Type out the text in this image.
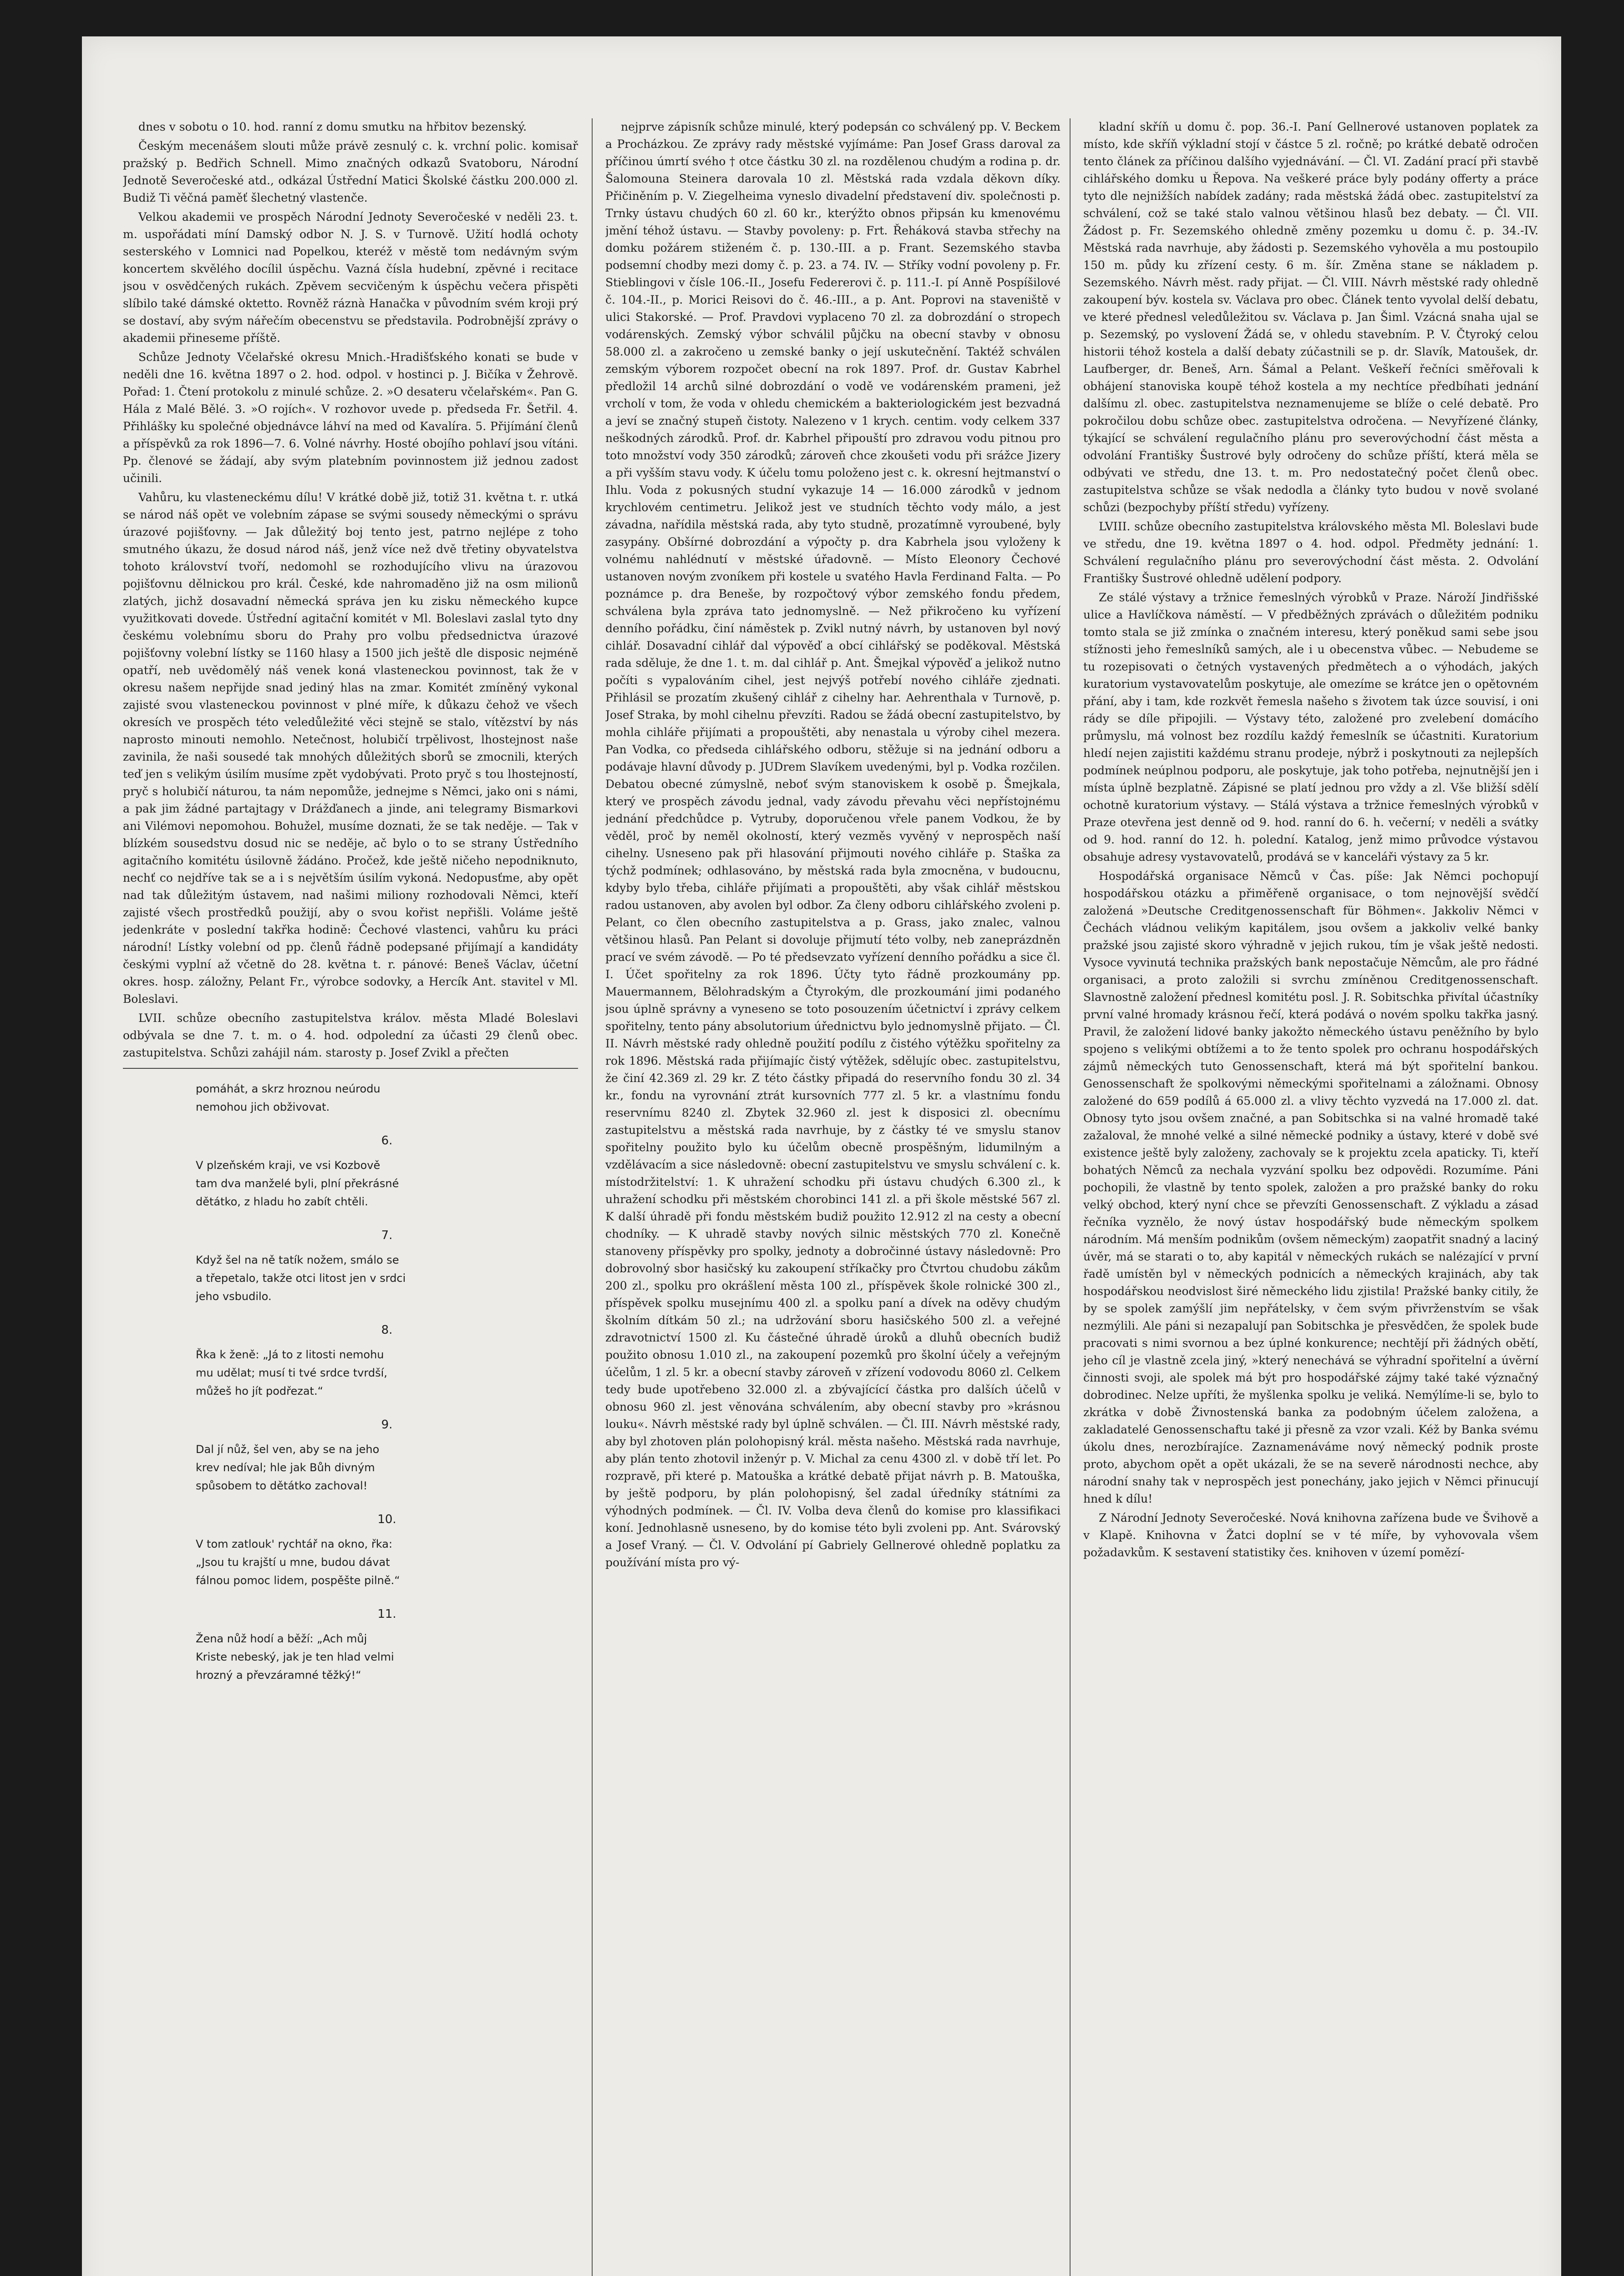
dnes v sobotu o 10. hod. ranní z domu smutku na hřbitov bezenský.

Českým mecenášem slouti může právě zesnulý c. k. vrchní polic. komisař pražský p. Bedřich Schnell. Mimo značných odkazů Svatoboru, Národní Jednotě Severočeské atd., odkázal Ústřední Matici Školské částku 200.000 zl. Budiž Ti věčná paměť šlechetný vlastenče.

Velkou akademii ve prospěch Národní Jednoty Severočeské v neděli 23. t. m. uspořádati míní Damský odbor N. J. S. v Turnově. Užití hodlá ochoty sesterského v Lomnici nad Popelkou, kteréž v městě tom nedávným svým koncertem skvělého docílil úspěchu. Vazná čísla hudební, zpěvné i recitace jsou v osvědčených rukách. Zpěvem secvičeným k úspěchu večera přispěti slíbilo také dámské oktetto. Rovněž ráznà Hanačka v původním svém kroji prý se dostaví, aby svým nářečím obecenstvu se představila. Podrobnější zprávy o akademii přineseme příště.

Schůze Jednoty Včelařské okresu Mnich.-Hradišťského konati se bude v neděli dne 16. května 1897 o 2. hod. odpol. v hostinci p. J. Bičíka v Žehrově. Pořad: 1. Čtení protokolu z minulé schůze. 2. »O desateru včelařském«. Pan G. Hála z Malé Bělé. 3. »O rojích«. V rozhovor uvede p. předseda Fr. Šetřil. 4. Přihlášky ku společné objednávce láhví na med od Kavalíra. 5. Přijímání členů a příspěvků za rok 1896—7. 6. Volné návrhy. Hosté obojího pohlaví jsou vítáni. Pp. členové se žádají, aby svým platebním povinnostem již jednou zadost učinili.

Vahůru, ku vlasteneckému dílu! V krátké době již, totiž 31. května t. r. utká se národ náš opět ve volebním zápase se svými sousedy německými o správu úrazové pojišťovny. — Jak důležitý boj tento jest, patrno nejlépe z toho smutného úkazu, že dosud národ náš, jenž více než dvě třetiny obyvatelstva tohoto království tvoří, nedomohl se rozhodujícího vlivu na úrazovou pojišťovnu dělnickou pro král. České, kde nahromaděno již na osm milionů zlatých, jichž dosavadní německá správa jen ku zisku německého kupce využitkovati dovede. Ústřední agitační komitét v Ml. Boleslavi zaslal tyto dny českému volebnímu sboru do Prahy pro volbu předsednictva úrazové pojišťovny volební lístky se 1160 hlasy a 1500 jich ještě dle disposic nejméně opatří, neb uvědomělý náš venek koná vlasteneckou povinnost, tak že v okresu našem nepřijde snad jediný hlas na zmar. Komitét zmíněný vykonal zajisté svou vlasteneckou povinnost v plné míře, k důkazu čehož ve všech okresích ve prospěch této veledůležité věci stejně se stalo, vítězství by nás naprosto minouti nemohlo. Netečnost, holubičí trpělivost, lhostejnost naše zavinila, že naši sousedé tak mnohých důležitých sborů se zmocnili, kterých teď jen s velikým úsilím musíme zpět vydobývati. Proto pryč s tou lhostejností, pryč s holubičí náturou, ta nám nepomůže, jednejme s Němci, jako oni s námi, a pak jim žádné partajtagy v Drážďanech a jinde, ani telegramy Bismarkovi ani Vilémovi nepomohou. Bohužel, musíme doznati, že se tak neděje. — Tak v blízkém sousedstvu dosud nic se neděje, ač bylo o to se strany Ústředního agitačního komitétu úsilovně žádáno. Pročež, kde ještě ničeho nepodniknuto, nechť co nejdříve tak se a i s největším úsilím vykoná. Nedopusťme, aby opět nad tak důležitým ústavem, nad našimi miliony rozhodovali Němci, kteří zajisté všech prostředků použijí, aby o svou kořist nepřišli. Voláme ještě jedenkráte v poslední takřka hodině: Čechové vlastenci, vahůru ku práci národní! Lístky volební od pp. členů řádně podepsané přijímají a kandidáty českými vyplní až včetně do 28. května t. r. pánové: Beneš Václav, účetní okres. hosp. záložny, Pelant Fr., výrobce sodovky, a Hercík Ant. stavitel v Ml. Boleslavi.

LVII. schůze obecního zastupitelstva králov. města Mladé Boleslavi odbývala se dne 7. t. m. o 4. hod. odpolední za účasti 29 členů obec. zastupitelstva. Schůzi zahájil nám. starosty p. Josef Zvikl a přečten

pomáhát, a skrz hroznou neúrodu
nemohou jich obživovat.
6.
V plzeňském kraji, ve vsi Kozbově
tam dva manželé byli, plní překrásné
dětátko, z hladu ho zabít chtěli.
7.
Když šel na ně tatík nožem, smálo se
a třepetalo, takže otci litost jen v srdci
jeho vsbudilo.
8.
Řka k ženě: „Já to z litosti nemohu
mu udělat; musí ti tvé srdce tvrdší,
můžeš ho jít podřezat.“
9.
Dal jí nůž, šel ven, aby se na jeho
krev nedíval; hle jak Bůh divným
spůsobem to dětátko zachoval!
10.
V tom zatlouk' rychtář na okno, řka:
„Jsou tu krajští u mne, budou dávat
fálnou pomoc lidem, pospěšte pilně.“
11.
Žena nůž hodí a běží: „Ach můj
Kriste nebeský, jak je ten hlad velmi
hrozný a převzáramné těžký!“

nejprve zápisník schůze minulé, který podepsán co schválený pp. V. Beckem a Procházkou. Ze zprávy rady městské vyjímáme: Pan Josef Grass daroval za příčinou úmrtí svého † otce částku 30 zl. na rozdělenou chudým a rodina p. dr. Šalomouna Steinera darovala 10 zl. Městská rada vzdala děkovn díky. Přičiněním p. V. Ziegelheima vyneslo divadelní představení div. společnosti p. Trnky ústavu chudých 60 zl. 60 kr., kterýžto obnos připsán ku kmenovému jmění téhož ústavu. — Stavby povoleny: p. Frt. Řeháková stavba střechy na domku požárem stiženém č. p. 130.-III. a p. Frant. Sezemského stavba podsemní chodby mezi domy č. p. 23. a 74. IV. — Stříky vodní povoleny p. Fr. Stieblingovi v čísle 106.-II., Josefu Federerovi č. p. 111.-I. pí Anně Pospíšilové č. 104.-II., p. Morici Reisovi do č. 46.-III., a p. Ant. Poprovi na staveniště v ulici Stakorské. — Prof. Pravdovi vyplaceno 70 zl. za dobrozdání o stropech vodárenských. Zemský výbor schválil půjčku na obecní stavby v obnosu 58.000 zl. a zakročeno u zemské banky o její uskutečnění. Taktéž schválen zemským výborem rozpočet obecní na rok 1897. Prof. dr. Gustav Kabrhel předložil 14 archů silné dobrozdání o vodě ve vodárenském prameni, jež vrcholí v tom, že voda v ohledu chemickém a bakteriologickém jest bezvadná a jeví se značný stupeň čistoty. Nalezeno v 1 krych. centim. vody celkem 337 neškodných zárodků. Prof. dr. Kabrhel připouští pro zdravou vodu pitnou pro toto množství vody 350 zárodků; zároveň chce zkoušeti vodu při srážce Jizery a při vyšším stavu vody. K účelu tomu položeno jest c. k. okresní hejtmanství o Ihlu. Voda z pokusných studní vykazuje 14 — 16.000 zárodků v jednom krychlovém centimetru. Jelikož jest ve studních těchto vody málo, a jest závadna, nařídila městská rada, aby tyto studně, prozatímně vyroubené, byly zasypány. Obšírné dobrozdání a výpočty p. dra Kabrhela jsou vyloženy k volnému nahlédnutí v městské úřadovně. — Místo Eleonory Čechové ustanoven novým zvoníkem při kostele u svatého Havla Ferdinand Falta. — Po poznámce p. dra Beneše, by rozpočtový výbor zemského fondu předem, schválena byla zpráva tato jednomyslně. — Než přikročeno ku vyřízení denního pořádku, činí náměstek p. Zvikl nutný návrh, by ustanoven byl nový cihlář. Dosavadní cihlář dal výpověď a obcí cihlářský se poděkoval. Městská rada sděluje, že dne 1. t. m. dal cihlář p. Ant. Šmejkal výpověď a jelikož nutno počíti s vypalováním cihel, jest nejvýš potřebí nového cihláře zjednati. Přihlásil se prozatím zkušený cihlář z cihelny har. Aehrenthala v Turnově, p. Josef Straka, by mohl cihelnu převzíti. Radou se žádá obecní zastupitelstvo, by mohla cihláře přijímati a propouštěti, aby nenastala u výroby cihel mezera. Pan Vodka, co předseda cihlářského odboru, stěžuje si na jednání odboru a podávaje hlavní důvody p. JUDrem Slavíkem uvedenými, byl p. Vodka rozčilen. Debatou obecné zúmyslně, neboť svým stanoviskem k osobě p. Šmejkala, který ve prospěch závodu jednal, vady závodu převahu věci nepřístojnému jednání předchůdce p. Vytruby, doporučenou vřele panem Vodkou, že by věděl, proč by neměl okolností, který vezměs vyvěný v neprospěch naší cihelny. Usneseno pak při hlasování přijmouti nového cihláře p. Staška za týchž podmínek; odhlasováno, by městská rada byla zmocněna, v budoucnu, kdyby bylo třeba, cihláře přijímati a propouštěti, aby však cihlář městskou radou ustanoven, aby avolen byl odbor. Za členy odboru cihlářského zvoleni p. Pelant, co člen obecního zastupitelstva a p. Grass, jako znalec, valnou většinou hlasů. Pan Pelant si dovoluje přijmutí této volby, neb zaneprázdněn prací ve svém závodě. — Po té předsevzato vyřízení denního pořádku a sice čl. I. Účet spořitelny za rok 1896. Účty tyto řádně prozkoumány pp. Mauermannem, Bělohradským a Čtyrokým, dle prozkoumání jimi podaného jsou úplně správny a vyneseno se toto posouzením účetnictví i zprávy celkem spořitelny, tento pány absolutorium úřednictvu bylo jednomyslně přijato. — Čl. II. Návrh městské rady ohledně použití podílu z čistého výtěžku spořitelny za rok 1896. Městská rada přijímajíc čistý výtěžek, sdělujíc obec. zastupitelstvu, že činí 42.369 zl. 29 kr. Z této částky připadá do reservního fondu 30 zl. 34 kr., fondu na vyrovnání ztrát kursovních 777 zl. 5 kr. a vlastnímu fondu reservnímu 8240 zl. Zbytek 32.960 zl. jest k disposici zl. obecnímu zastupitelstvu a městská rada navrhuje, by z částky té ve smyslu stanov spořitelny použito bylo ku účelům obecně prospěšným, lidumilným a vzdělávacím a sice následovně: obecní zastupitelstvu ve smyslu schválení c. k. místodržitelství: 1. K uhražení schodku při ústavu chudých 6.300 zl., k uhražení schodku při městském chorobinci 141 zl. a při škole městské 567 zl. K další úhradě při fondu městském budiž použito 12.912 zl na cesty a obecní chodníky. — K uhradě stavby nových silnic městských 770 zl. Konečně stanoveny příspěvky pro spolky, jednoty a dobročinné ústavy následovně: Pro dobrovolný sbor hasičský ku zakoupení stříkačky pro Čtvrtou chudobu zákům 200 zl., spolku pro okrášlení města 100 zl., příspěvek škole rolnické 300 zl., příspěvek spolku musejnímu 400 zl. a spolku paní a dívek na oděvy chudým školním dítkám 50 zl.; na udržování sboru hasičského 500 zl. a veřejné zdravotnictví 1500 zl. Ku částečné úhradě úroků a dluhů obecních budiž použito obnosu 1.010 zl., na zakoupení pozemků pro školní účely a veřejným účelům, 1 zl. 5 kr. a obecní stavby zároveň v zřízení vodovodu 8060 zl. Celkem tedy bude upotřebeno 32.000 zl. a zbývajícící částka pro dalších účelů v obnosu 960 zl. jest věnována schválením, aby obecní stavby pro »krásnou louku«. Návrh městské rady byl úplně schválen. — Čl. III. Návrh městské rady, aby byl zhotoven plán polohopisný král. města našeho. Městská rada navrhuje, aby plán tento zhotovil inženýr p. V. Michal za cenu 4300 zl. v době tří let. Po rozpravě, při které p. Matouška a krátké debatě přijat návrh p. B. Matouška, by ještě podporu, by plán polohopisný, šel zadal úředníky státními za výhodných podmínek. — Čl. IV. Volba deva členů do komise pro klassifikaci koní. Jednohlasně usneseno, by do komise této byli zvoleni pp. Ant. Svárovský a Josef Vraný. — Čl. V. Odvolání pí Gabriely Gellnerové ohledně poplatku za používání místa pro vý-

kladní skříň u domu č. pop. 36.-I. Paní Gellnerové ustanoven poplatek za místo, kde skříň výkladní stojí v částce 5 zl. ročně; po krátké debatě odročen tento článek za příčinou dalšího vyjednávání. — Čl. VI. Zadání prací při stavbě cihlářského domku u Řepova. Na veškeré práce byly podány offerty a práce tyto dle nejnižších nabídek zadány; rada městská žádá obec. zastupitelství za schválení, což se také stalo valnou většinou hlasů bez debaty. — Čl. VII. Žádost p. Fr. Sezemského ohledně změny pozemku u domu č. p. 34.-IV. Městská rada navrhuje, aby žádosti p. Sezemského vyhověla a mu postoupilo 150 m. půdy ku zřízení cesty. 6 m. šír. Změna stane se nákladem p. Sezemského. Návrh měst. rady přijat. — Čl. VIII. Návrh městské rady ohledně zakoupení býv. kostela sv. Václava pro obec. Článek tento vyvolal delší debatu, ve které přednesl veledůležitou sv. Václava p. Jan Šiml. Vzácná snaha ujal se p. Sezemský, po vyslovení Žádá se, v ohledu stavebním. P. V. Čtyroký celou historii téhož kostela a další debaty zúčastnili se p. dr. Slavík, Matoušek, dr. Laufberger, dr. Beneš, Arn. Šámal a Pelant. Veškeří řečníci směřovali k obhájení stanoviska koupě téhož kostela a my nechtíce předbíhati jednání dalšímu zl. obec. zastupitelstva neznamenujeme se blíže o celé debatě. Pro pokročilou dobu schůze obec. zastupitelstva odročena. — Nevyřízené články, týkající se schválení regulačního plánu pro severovýchodní část města a odvolání Františky Šustrové byly odročeny do schůze příští, která měla se odbývati ve středu, dne 13. t. m. Pro nedostatečný počet členů obec. zastupitelstva schůze se však nedodla a články tyto budou v nově svolané schůzi (bezpochyby příští středu) vyřízeny.

LVIII. schůze obecního zastupitelstva královského města Ml. Boleslavi bude ve středu, dne 19. května 1897 o 4. hod. odpol. Předměty jednání: 1. Schválení regulačního plánu pro severovýchodní část města. 2. Odvolání Františky Šustrové ohledně udělení podpory.

Ze stálé výstavy a tržnice řemeslných výrobků v Praze. Nároží Jindřišské ulice a Havlíčkova náměstí. — V předběžných zprávách o důležitém podniku tomto stala se již zmínka o značném interesu, který poněkud sami sebe jsou stížnosti jeho řemeslníků samých, ale i u obecenstva vůbec. — Nebudeme se tu rozepisovati o četných vystavených předmětech a o výhodách, jakých kuratorium vystavovatelům poskytuje, ale omezíme se krátce jen o opětovném přání, aby i tam, kde rozkvět řemesla našeho s životem tak úzce souvisí, i oni rády se díle připojili. — Výstavy této, založené pro zvelebení domácího průmyslu, má volnost bez rozdílu každý řemeslník se účastniti. Kuratorium hledí nejen zajistiti každému stranu prodeje, nýbrž i poskytnouti za nejlepších podmínek neúplnou podporu, ale poskytuje, jak toho potřeba, nejnutnější jen i místa úplně bezplatně. Zápisné se platí jednou pro vždy a zl. Vše bližší sdělí ochotně kuratorium výstavy. — Stálá výstava a tržnice řemeslných výrobků v Praze otevřena jest denně od 9. hod. ranní do 6. h. večerní; v neděli a svátky od 9. hod. ranní do 12. h. polední. Katalog, jenž mimo průvodce výstavou obsahuje adresy vystavovatelů, prodává se v kanceláři výstavy za 5 kr.

Hospodářská organisace Němců v Čas. píše: Jak Němci pochopují hospodářskou otázku a přiměřeně organisace, o tom nejnovější svědčí založená »Deutsche Creditgenossenschaft für Böhmen«. Jakkoliv Němci v Čechách vládnou velikým kapitálem, jsou ovšem a jakkoliv velké banky pražské jsou zajisté skoro výhradně v jejich rukou, tím je však ještě nedosti. Vysoce vyvinutá technika pražských bank nepostačuje Němcům, ale pro řádné organisaci, a proto založili si svrchu zmíněnou Creditgenossenschaft. Slavnostně založení přednesl komitétu posl. J. R. Sobitschka přivítal účastníky první valné hromady krásnou řečí, která podává o novém spolku takřka jasný. Pravil, že založení lidové banky jakožto německého ústavu peněžního by bylo spojeno s velikými obtížemi a to že tento spolek pro ochranu hospodářských zájmů německých tuto Genossenschaft, která má být spořitelní bankou. Genossenschaft že spolkovými německými spořitelnami a záložnami. Obnosy založené do 659 podílů á 65.000 zl. a vlivy těchto vyzvedá na 17.000 zl. dat. Obnosy tyto jsou ovšem značné, a pan Sobitschka si na valné hromadě také zažaloval, že mnohé velké a silné německé podniky a ústavy, které v době své existence ještě byly založeny, zachovaly se k projektu zcela apaticky. Ti, kteří bohatých Němců za nechala vyzvání spolku bez odpovědi. Rozumíme. Páni pochopili, že vlastně by tento spolek, založen a pro pražské banky do roku velký obchod, který nyní chce se převzíti Genossenschaft. Z výkladu a zásad řečníka vyznělo, že nový ústav hospodářský bude německým spolkem národním. Má menším podnikům (ovšem německým) zaopatřit snadný a laciný úvěr, má se starati o to, aby kapitál v německých rukách se nalézající v první řadě umístěn byl v německých podnicích a německých krajinách, aby tak hospodářskou neodvislost širé německého lidu zjistila! Pražské banky citily, že by se spolek zamýšlí jim nepřátelsky, v čem svým přivrženstvím se však nezmýlili. Ale páni si nezapalují pan Sobitschka je přesvědčen, že spolek bude pracovati s nimi svornou a bez úplné konkurence; nechtějí při žádných obětí, jeho cíl je vlastně zcela jiný, »který nenechává se výhradní spořitelní a úvěrní činnosti svoji, ale spolek má být pro hospodářské zájmy také také význačný dobrodinec. Nelze upříti, že myšlenka spolku je veliká. Nemýlíme-li se, bylo to zkrátka v době Živnostenská banka za podobným účelem založena, a zakladatelé Genossenschaftu také ji přesně za vzor vzali. Kéž by Banka svému úkolu dnes, nerozbírajíce. Zaznamenáváme nový německý podnik proste proto, abychom opět a opět ukázali, že se na severě národnosti nechce, aby národní snahy tak v neprospěch jest ponechány, jako jejich v Němci přinucují hned k dílu!

Z Národní Jednoty Severočeské. Nová knihovna zařízena bude ve Švihově a v Klapě. Knihovna v Žatci doplní se v té míře, by vyhovovala všem požadavkům. K sestavení statistiky čes. knihoven v území pomězí-
